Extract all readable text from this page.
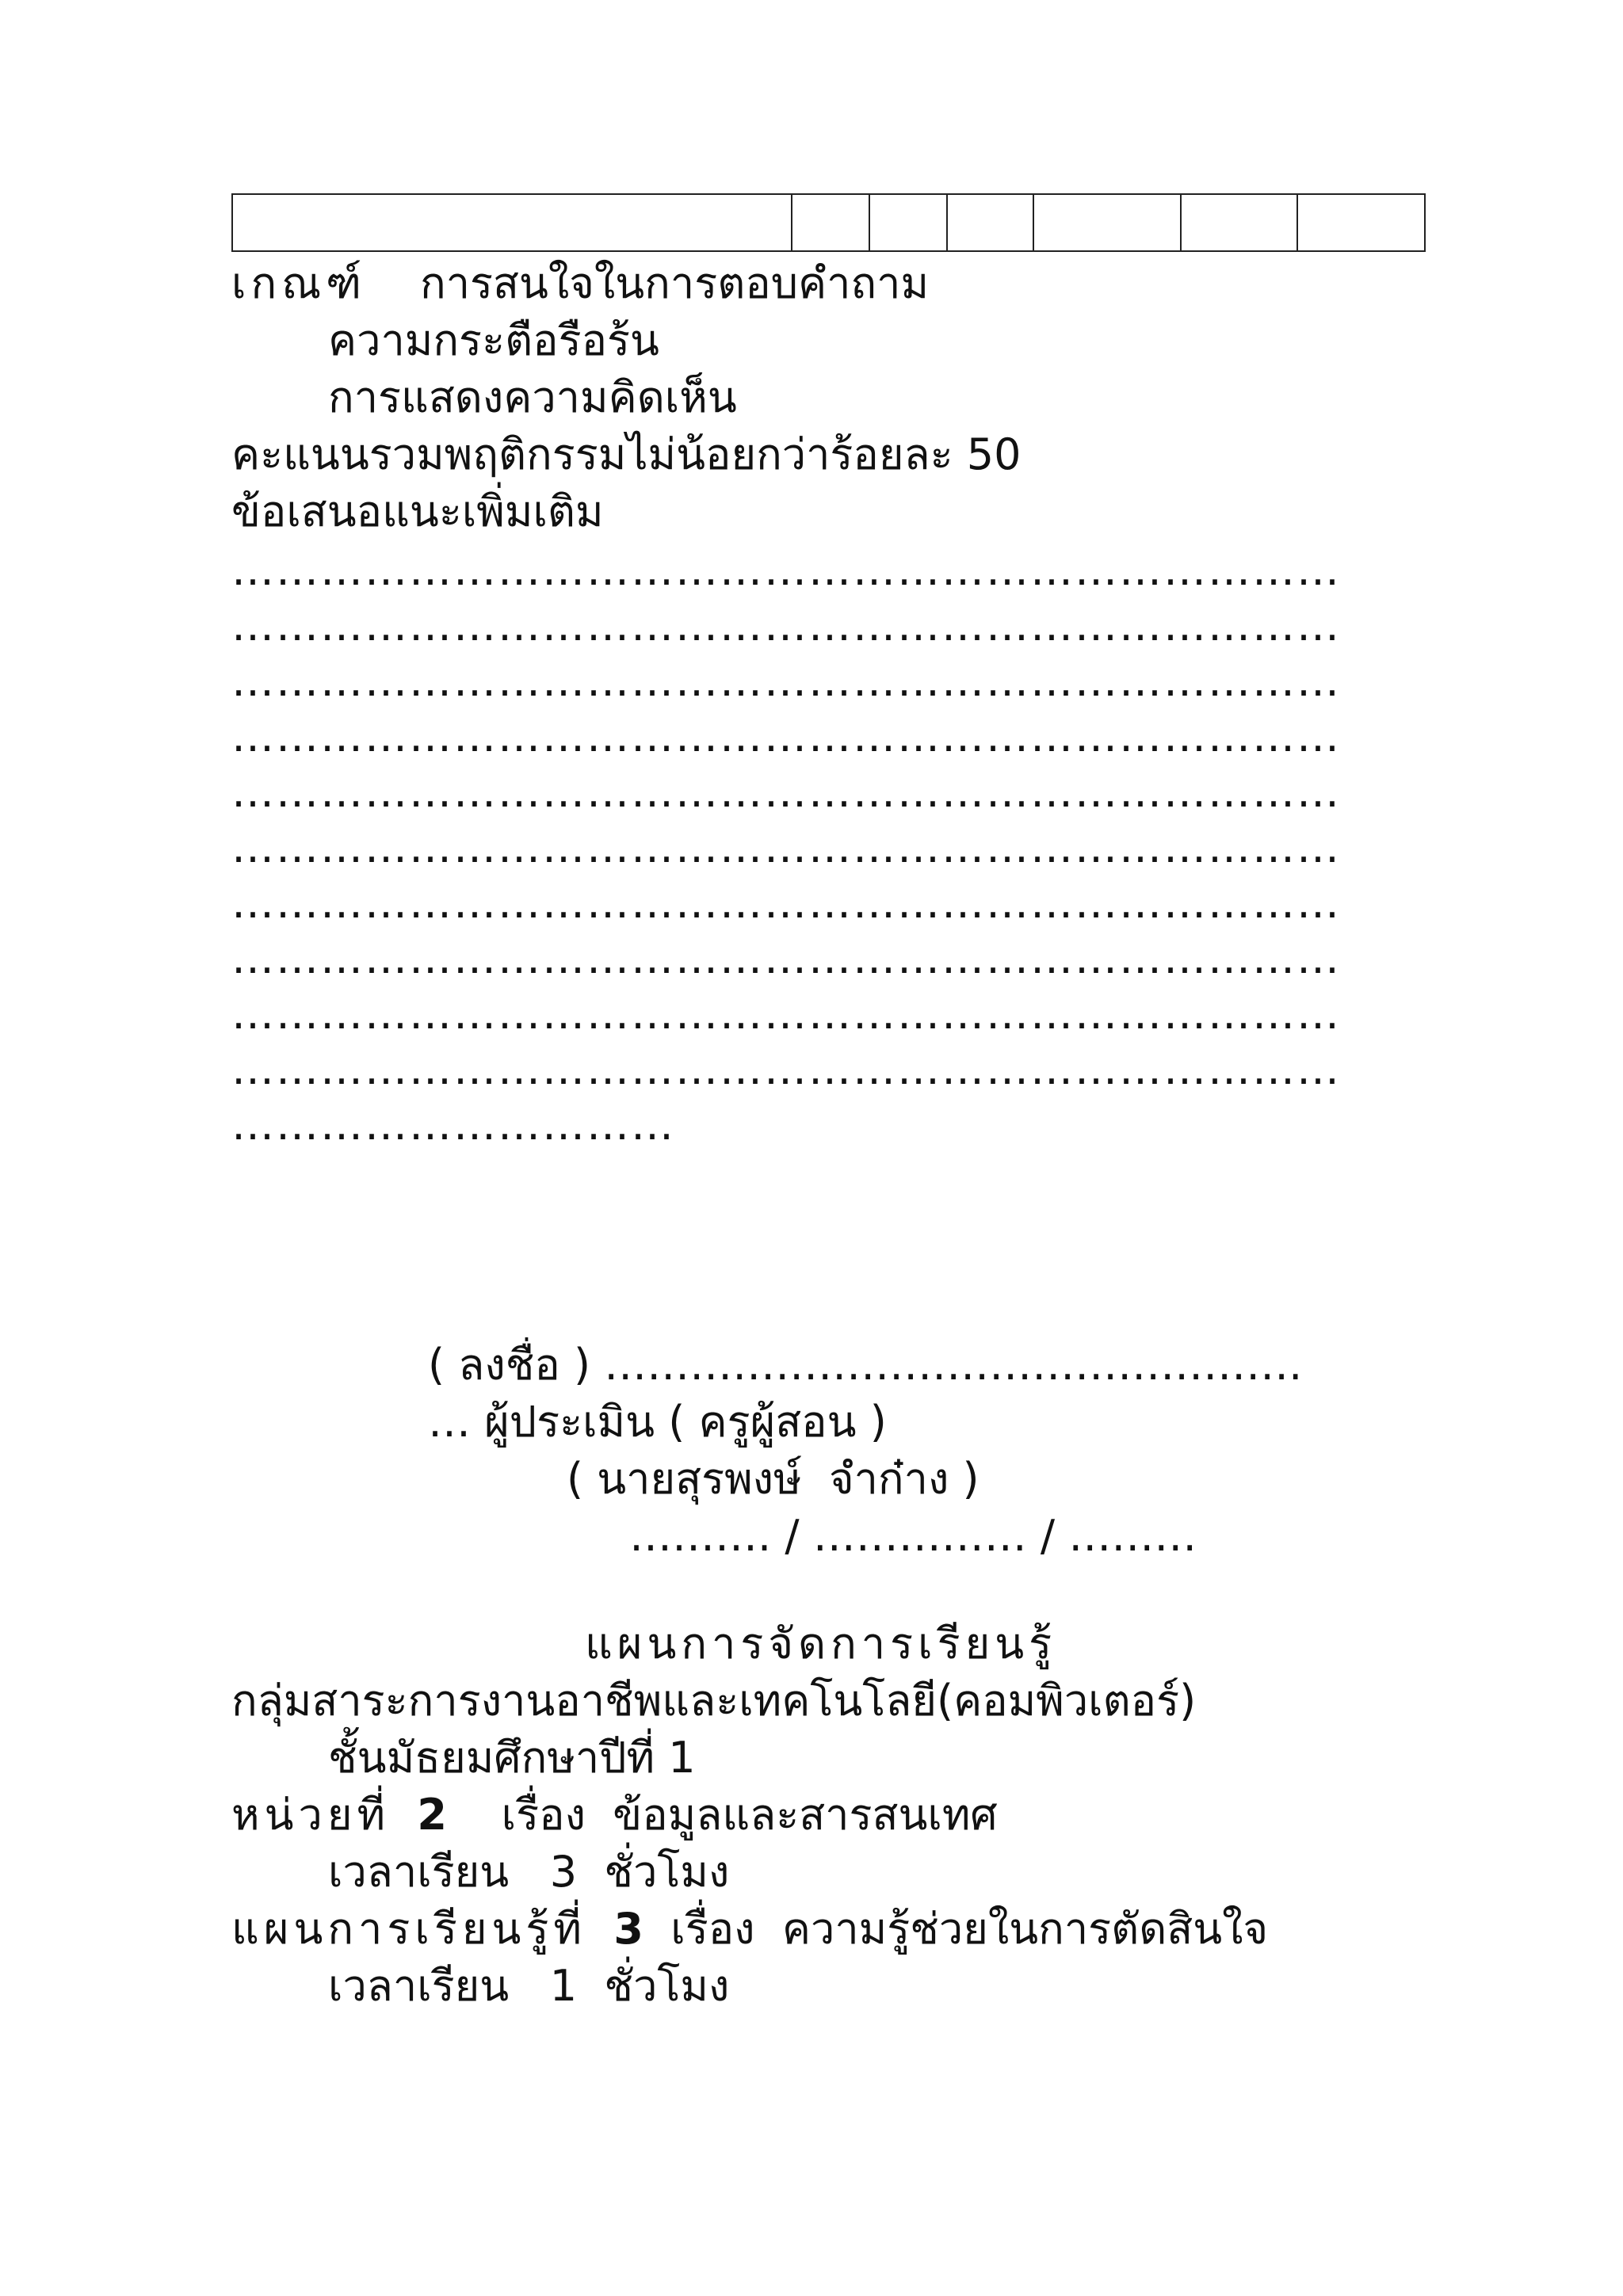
เกณฑ์ การสนใจในการตอบคำถาม
ความกระตือรือร้น
การแสดงความคิดเห็น
คะแนนรวมพฤติกรรมไม่น้อยกว่าร้อยละ 50
ข้อเสนอแนะเพิ่มเติม
…………………………………………………………………
…………………………………………………………………
…………………………………………………………………
…………………………………………………………………
…………………………………………………………………
…………………………………………………………………
…………………………………………………………………
…………………………………………………………………
…………………………………………………………………
…………………………………………………………………
…………………………
( ลงชื่อ ) ………………………………………….
… ผู้ประเมิน ( ครูผู้สอน )
( นายสุรพงษ์  จำก๋าง )
………. / …………… / ………
แผนการจัดการเรียนรู้
กลุ่มสาระการงานอาชีพและเทคโนโลยี(คอมพิวเตอร์)
ชั้นมัธยมศึกษาปีที่ 1
หน่วยที่ 2 เรื่อง ข้อมูลและสารสนเทศ
เวลาเรียน 3 ชั่วโมง
แผนการเรียนรู้ที่ 3 เรื่อง ความรู้ช่วยในการตัดสินใจ
เวลาเรียน 1 ชั่วโมง
